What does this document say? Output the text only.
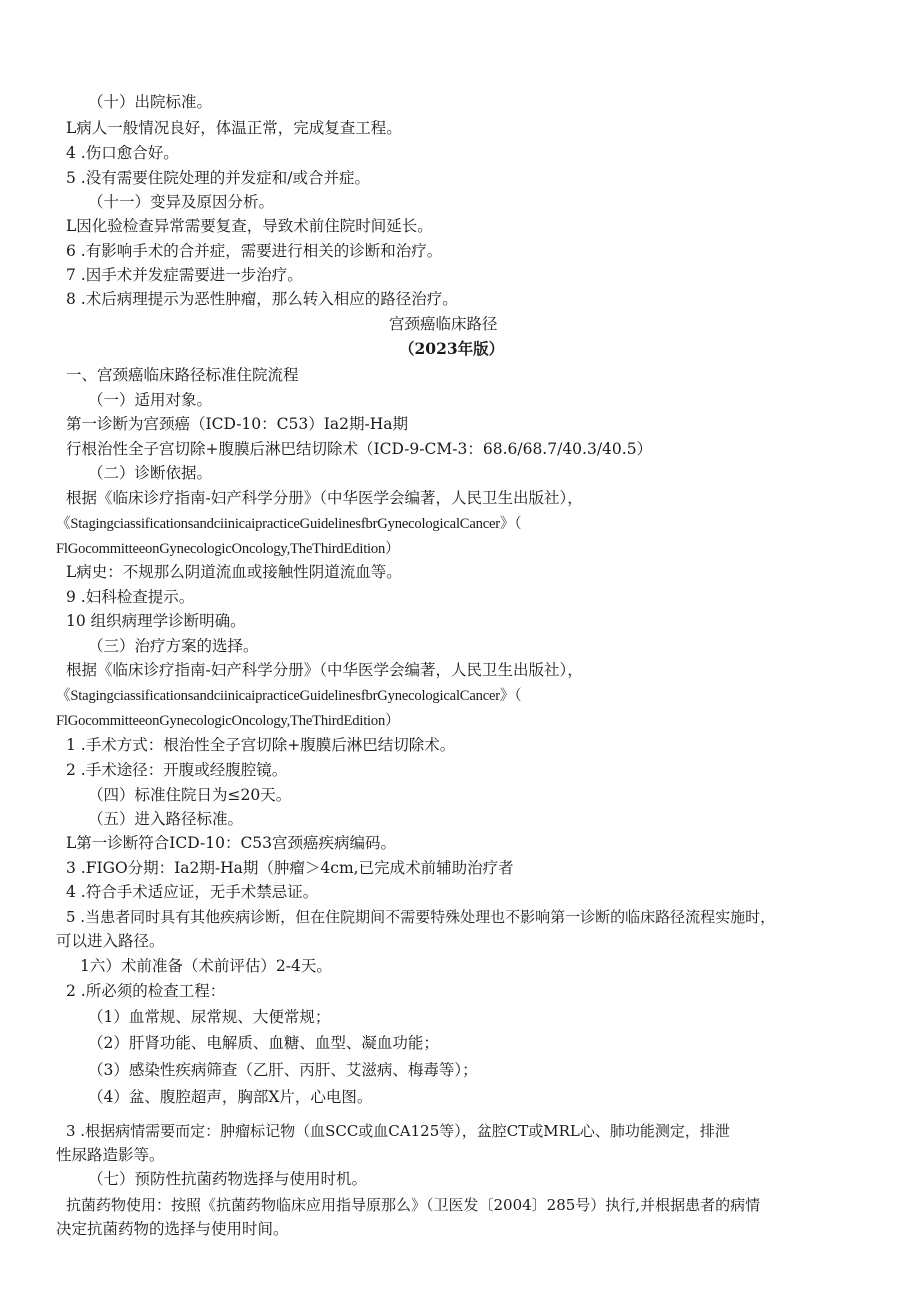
（十）出院标准。
L病人一般情况良好，体温正常，完成复查工程。
4 .伤口愈合好。
5 .没有需要住院处理的并发症和/或合并症。
（十一）变异及原因分析。
L因化验检查异常需要复查，导致术前住院时间延长。
6 .有影响手术的合并症，需要进行相关的诊断和治疗。
7 .因手术并发症需要进一步治疗。
8 .术后病理提示为恶性肿瘤，那么转入相应的路径治疗。
宫颈癌临床路径
（2023年版）
一、宫颈癌临床路径标准住院流程
（一）适用对象。
第一诊断为宫颈癌（ICD-10：C53）Ia2期-Ha期
行根治性全子宫切除+腹膜后淋巴结切除术（ICD-9-CM-3：68.6/68.7/40.3/40.5）
（二）诊断依据。
根据《临床诊疗指南-妇产科学分册》（中华医学会编著，人民卫生出版社），
《StagingciassificationsandciinicaipracticeGuidelinesfbrGynecologicalCancer》（
FlGocommitteeonGynecologicOncology,TheThirdEdition）
L病史：不规那么阴道流血或接触性阴道流血等。
9 .妇科检查提示。
10 组织病理学诊断明确。
（三）治疗方案的选择。
根据《临床诊疗指南-妇产科学分册》（中华医学会编著，人民卫生出版社），
《StagingciassificationsandciinicaipracticeGuidelinesfbrGynecologicalCancer》（
FlGocommitteeonGynecologicOncology,TheThirdEdition）
1 .手术方式：根治性全子宫切除+腹膜后淋巴结切除术。
2 .手术途径：开腹或经腹腔镜。
（四）标准住院日为≤20天。
（五）进入路径标准。
L第一诊断符合ICD-10：C53宫颈癌疾病编码。
3 .FIGO分期：Ia2期-Ha期（肿瘤＞4cm,已完成术前辅助治疗者
4 .符合手术适应证，无手术禁忌证。
5 .当患者同时具有其他疾病诊断，但在住院期间不需要特殊处理也不影响第一诊断的临床路径流程实施时，
可以进入路径。
1六）术前准备（术前评估）2-4天。
2 .所必须的检查工程：
（1）血常规、尿常规、大便常规；
（2）肝肾功能、电解质、血糖、血型、凝血功能；
（3）感染性疾病筛查（乙肝、丙肝、艾滋病、梅毒等）；
（4）盆、腹腔超声，胸部X片，心电图。
3 .根据病情需要而定：肿瘤标记物（血SCC或血CA125等），盆腔CT或MRL心、肺功能测定，排泄
性尿路造影等。
（七）预防性抗菌药物选择与使用时机。
抗菌药物使用：按照《抗菌药物临床应用指导原那么》（卫医发〔2004〕285号）执行,并根据患者的病情
决定抗菌药物的选择与使用时间。
